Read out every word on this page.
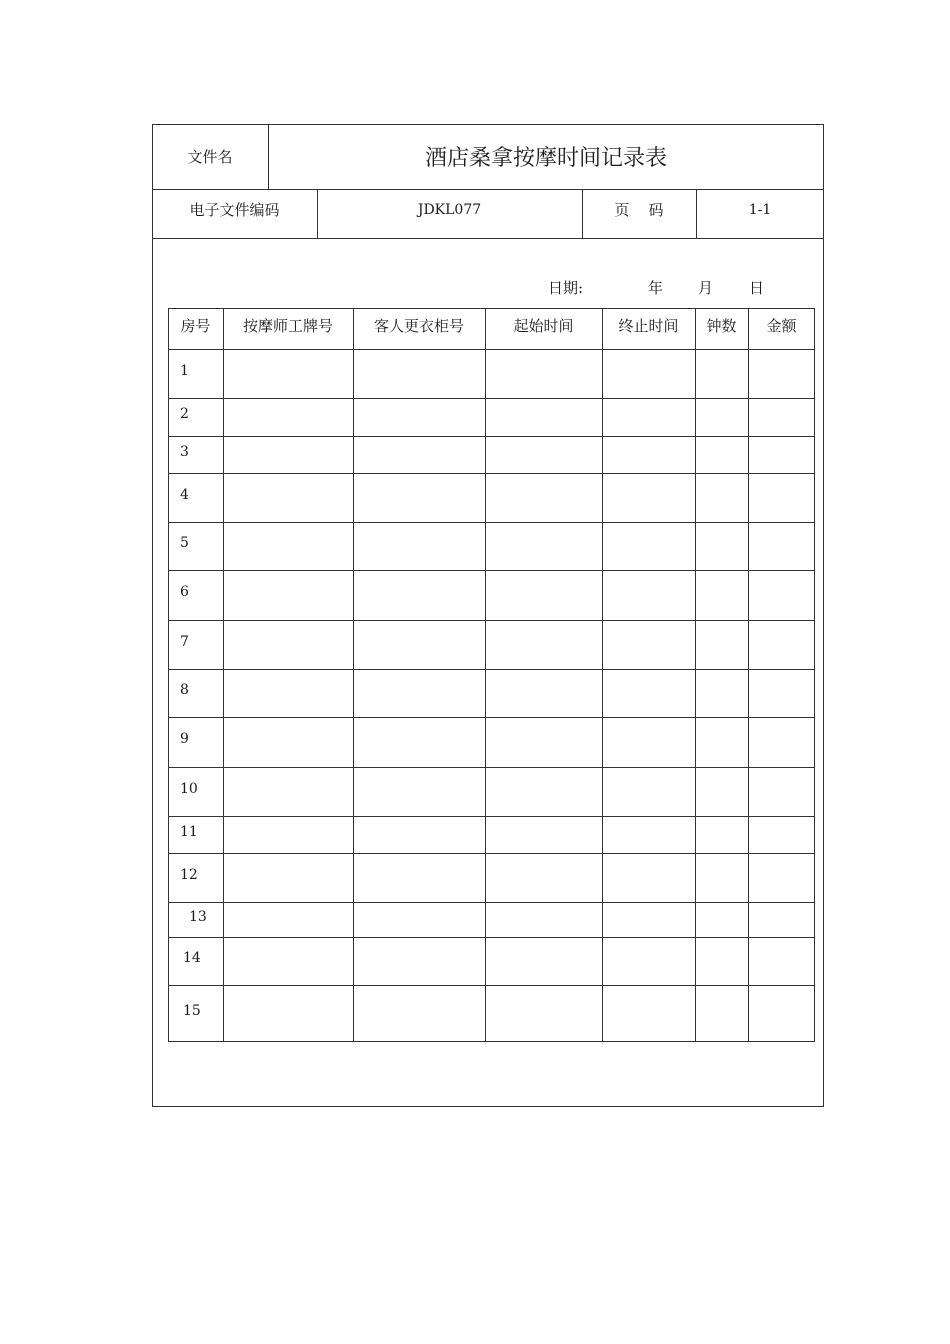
文件名	酒店桑拿按摩时间记录表
电子文件编码	JDKL077	页    码	1-1
日期:	年 月 日
房号	按摩师工牌号	客人更衣柜号	起始时间	终止时间	钟数	金额
1
2
3
4
5
6
7
8
9
10
11
12
13
14
15
